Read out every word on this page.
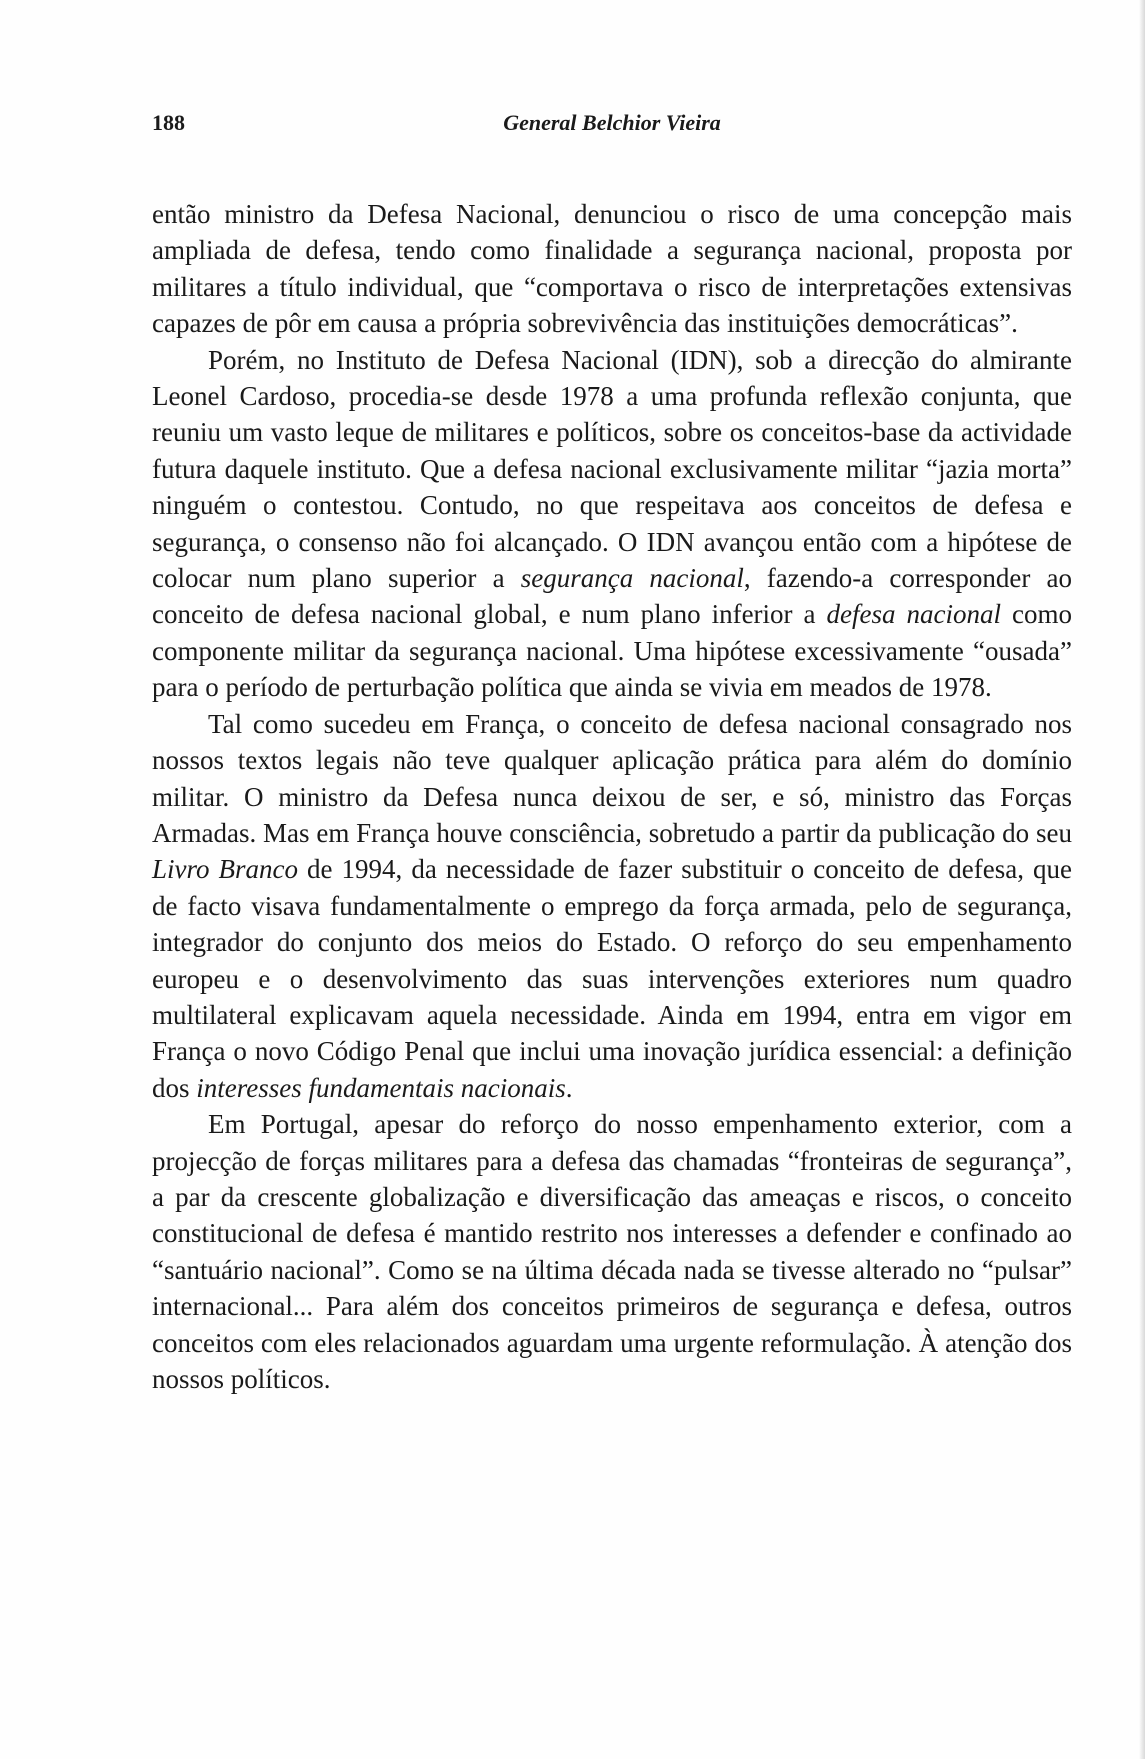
188	General Belchior Vieira

então ministro da Defesa Nacional, denunciou o risco de uma concepção mais ampliada de defesa, tendo como finalidade a segurança nacional, proposta por militares a título individual, que “comportava o risco de interpretações extensivas capazes de pôr em causa a própria sobrevivência das instituições democráticas”.

Porém, no Instituto de Defesa Nacional (IDN), sob a direcção do almirante Leonel Cardoso, procedia-se desde 1978 a uma profunda reflexão conjunta, que reuniu um vasto leque de militares e políticos, sobre os conceitos-base da actividade futura daquele instituto. Que a defesa nacional exclusivamente militar “jazia morta” ninguém o contestou. Contudo, no que respeitava aos conceitos de defesa e segurança, o consenso não foi alcançado. O IDN avançou então com a hipótese de colocar num plano superior a segurança nacional, fazendo-a corresponder ao conceito de defesa nacional global, e num plano inferior a defesa nacional como componente militar da segurança nacional. Uma hipótese excessivamente “ousada” para o período de perturbação política que ainda se vivia em meados de 1978.

Tal como sucedeu em França, o conceito de defesa nacional consagrado nos nossos textos legais não teve qualquer aplicação prática para além do domínio militar. O ministro da Defesa nunca deixou de ser, e só, ministro das Forças Armadas. Mas em França houve consciência, sobretudo a partir da publicação do seu Livro Branco de 1994, da necessidade de fazer substituir o conceito de defesa, que de facto visava fundamentalmente o emprego da força armada, pelo de segurança, integrador do conjunto dos meios do Estado. O reforço do seu empenhamento europeu e o desenvolvimento das suas intervenções exteriores num quadro multilateral explicavam aquela necessidade. Ainda em 1994, entra em vigor em França o novo Código Penal que inclui uma inovação jurídica essencial: a definição dos interesses fundamentais nacionais.

Em Portugal, apesar do reforço do nosso empenhamento exterior, com a projecção de forças militares para a defesa das chamadas “fronteiras de segurança”, a par da crescente globalização e diversificação das ameaças e riscos, o conceito constitucional de defesa é mantido restrito nos interesses a defender e confinado ao “santuário nacional”. Como se na última década nada se tivesse alterado no “pulsar” internacional... Para além dos conceitos primeiros de segurança e defesa, outros conceitos com eles relacionados aguardam uma urgente reformulação. À atenção dos nossos políticos.
